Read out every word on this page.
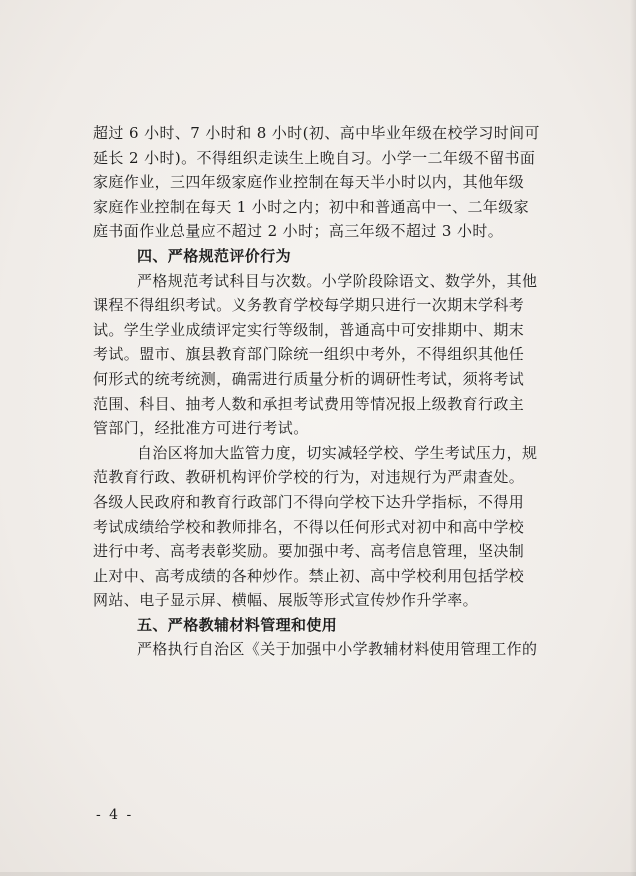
超过 6 小时、7 小时和 8 小时(初、高中毕业年级在校学习时间可
延长 2 小时)。不得组织走读生上晚自习。小学一二年级不留书面
家庭作业，三四年级家庭作业控制在每天半小时以内，其他年级
家庭作业控制在每天 1 小时之内；初中和普通高中一、二年级家
庭书面作业总量应不超过 2 小时；高三年级不超过 3 小时。
四、严格规范评价行为
严格规范考试科目与次数。小学阶段除语文、数学外，其他
课程不得组织考试。义务教育学校每学期只进行一次期末学科考
试。学生学业成绩评定实行等级制，普通高中可安排期中、期末
考试。盟市、旗县教育部门除统一组织中考外，不得组织其他任
何形式的统考统测，确需进行质量分析的调研性考试，须将考试
范围、科目、抽考人数和承担考试费用等情况报上级教育行政主
管部门，经批准方可进行考试。
自治区将加大监管力度，切实减轻学校、学生考试压力，规
范教育行政、教研机构评价学校的行为，对违规行为严肃查处。
各级人民政府和教育行政部门不得向学校下达升学指标，不得用
考试成绩给学校和教师排名，不得以任何形式对初中和高中学校
进行中考、高考表彰奖励。要加强中考、高考信息管理，坚决制
止对中、高考成绩的各种炒作。禁止初、高中学校利用包括学校
网站、电子显示屏、横幅、展版等形式宣传炒作升学率。
五、严格教辅材料管理和使用
严格执行自治区《关于加强中小学教辅材料使用管理工作的
- 4 -
